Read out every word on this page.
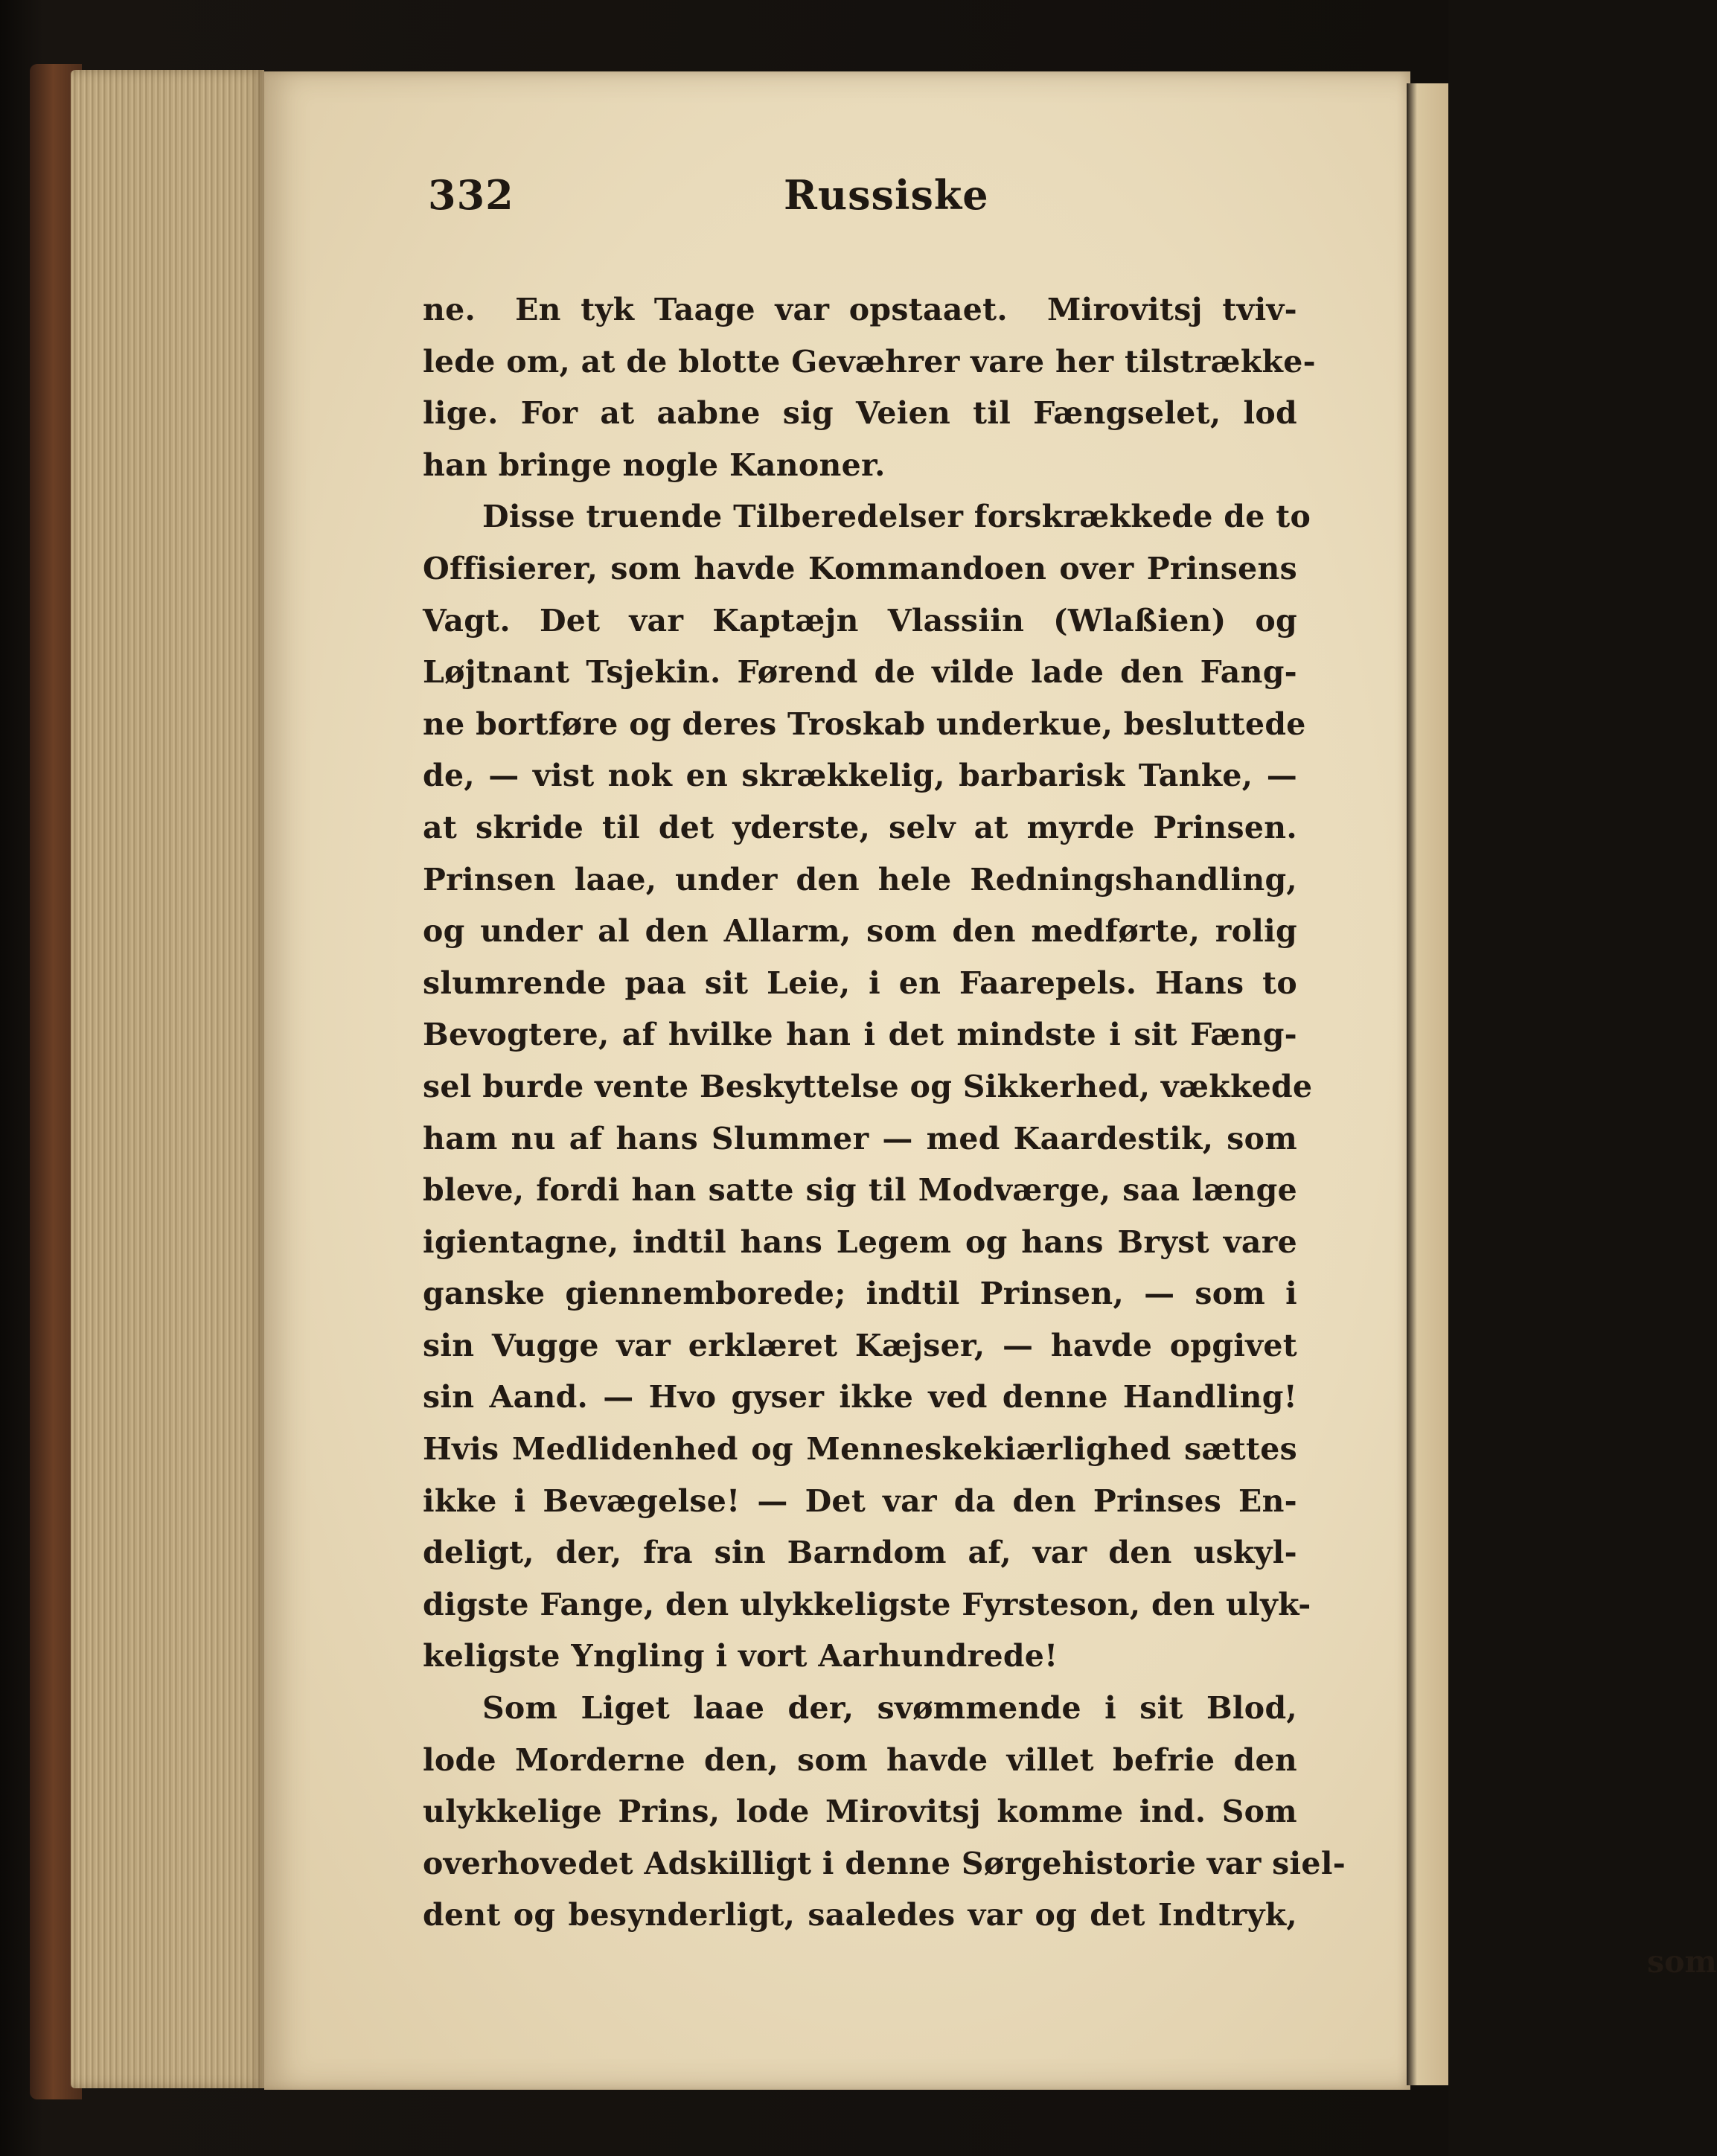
332	Russiske
ne.  En tyk Taage var opstaaet.  Mirovitsj tviv-
lede om, at de blotte Gevæhrer vare her tilstrække-
lige. For at aabne sig Veien til Fængselet, lod
han bringe nogle Kanoner.
Disse truende Tilberedelser forskrækkede de to
Offisierer, som havde Kommandoen over Prinsens
Vagt. Det var Kaptæjn Vlassiin (Wlaßien) og
Løjtnant Tsjekin. Førend de vilde lade den Fang-
ne bortføre og deres Troskab underkue, besluttede
de, — vist nok en skrækkelig, barbarisk Tanke, —
at skride til det yderste, selv at myrde Prinsen.
Prinsen laae, under den hele Redningshandling,
og under al den Allarm, som den medførte, rolig
slumrende paa sit Leie, i en Faarepels. Hans to
Bevogtere, af hvilke han i det mindste i sit Fæng-
sel burde vente Beskyttelse og Sikkerhed, vækkede
ham nu af hans Slummer — med Kaardestik, som
bleve, fordi han satte sig til Modværge, saa længe
igientagne, indtil hans Legem og hans Bryst vare
ganske giennemborede; indtil Prinsen, — som i
sin Vugge var erklæret Kæjser, — havde opgivet
sin Aand. — Hvo gyser ikke ved denne Handling!
Hvis Medlidenhed og Menneskekiærlighed sættes
ikke i Bevægelse! — Det var da den Prinses En-
deligt, der, fra sin Barndom af, var den uskyl-
digste Fange, den ulykkeligste Fyrsteson, den ulyk-
keligste Yngling i vort Aarhundrede!
Som Liget laae der, svømmende i sit Blod,
lode Morderne den, som havde villet befrie den
ulykkelige Prins, lode Mirovitsj komme ind. Som
overhovedet Adskilligt i denne Sørgehistorie var siel-
dent og besynderligt, saaledes var og det Indtryk,
som
